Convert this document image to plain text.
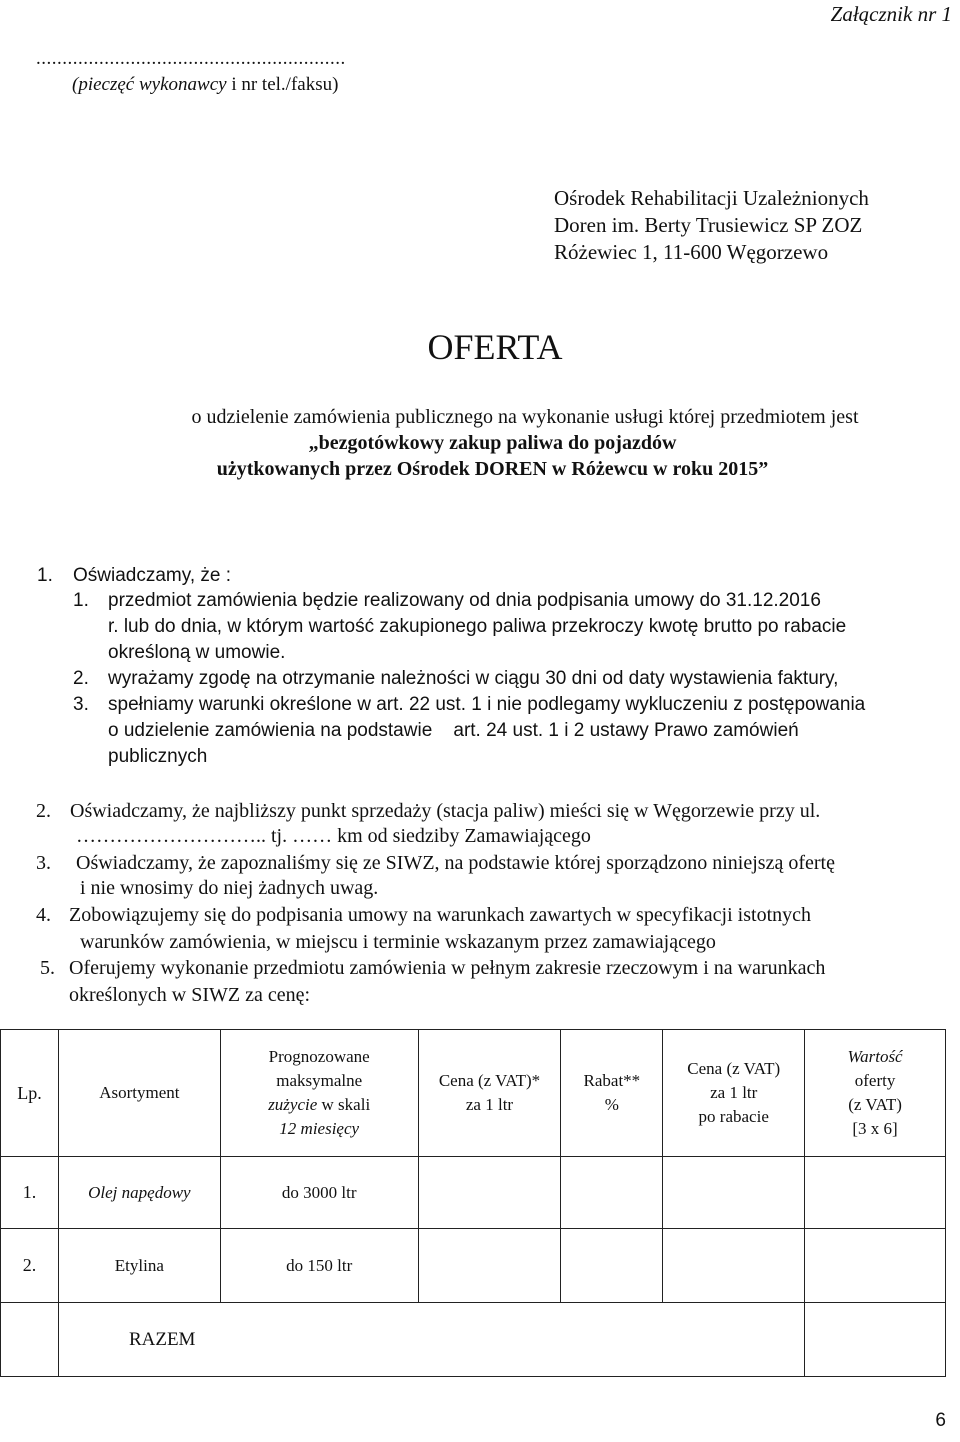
Załącznik nr 1
...........................................................
(pieczęć wykonawcy i nr tel./faksu)
Ośrodek Rehabilitacji Uzależnionych
Doren im. Berty Trusiewicz SP ZOZ
Różewiec 1, 11-600 Węgorzewo
OFERTA
o udzielenie zamówienia publicznego na wykonanie usługi której przedmiotem jest
„bezgotówkowy zakup paliwa do pojazdów
użytkowanych przez Ośrodek DOREN w Różewcu w roku 2015”
1. Oświadczamy, że :
1. przedmiot zamówienia będzie realizowany od dnia podpisania umowy do 31.12.2016
r. lub do dnia, w którym wartość zakupionego paliwa przekroczy kwotę brutto po rabacie
określoną w umowie.
2. wyrażamy zgodę na otrzymanie należności w ciągu 30 dni od daty wystawienia faktury,
3. spełniamy warunki określone w art. 22 ust. 1 i nie podlegamy wykluczeniu z postępowania
o udzielenie zamówienia na podstawie    art. 24 ust. 1 i 2 ustawy Prawo zamówień
publicznych
2. Oświadczamy, że najbliższy punkt sprzedaży (stacja paliw) mieści się w Węgorzewie przy ul.
……………………….. tj. …… km od siedziby Zamawiającego
3. Oświadczamy, że zapoznaliśmy się ze SIWZ, na podstawie której sporządzono niniejszą ofertę
i nie wnosimy do niej żadnych uwag.
4. Zobowiązujemy się do podpisania umowy na warunkach zawartych w specyfikacji istotnych
warunków zamówienia, w miejscu i terminie wskazanym przez zamawiającego
5. Oferujemy wykonanie przedmiotu zamówienia w pełnym zakresie rzeczowym i na warunkach
określonych w SIWZ za cenę:
Lp.	Asortyment	Prognozowane
maksymalne
zużycie w skali
12 miesięcy	Cena (z VAT)*
za 1 ltr	Rabat**
%	Cena (z VAT)
za 1 ltr
po rabacie	Wartość
oferty
(z VAT)
[3 x 6]

1.	Olej napędowy	do 3000 ltr				
2.	Etylina	do 150 ltr				
	RAZEM					
6
